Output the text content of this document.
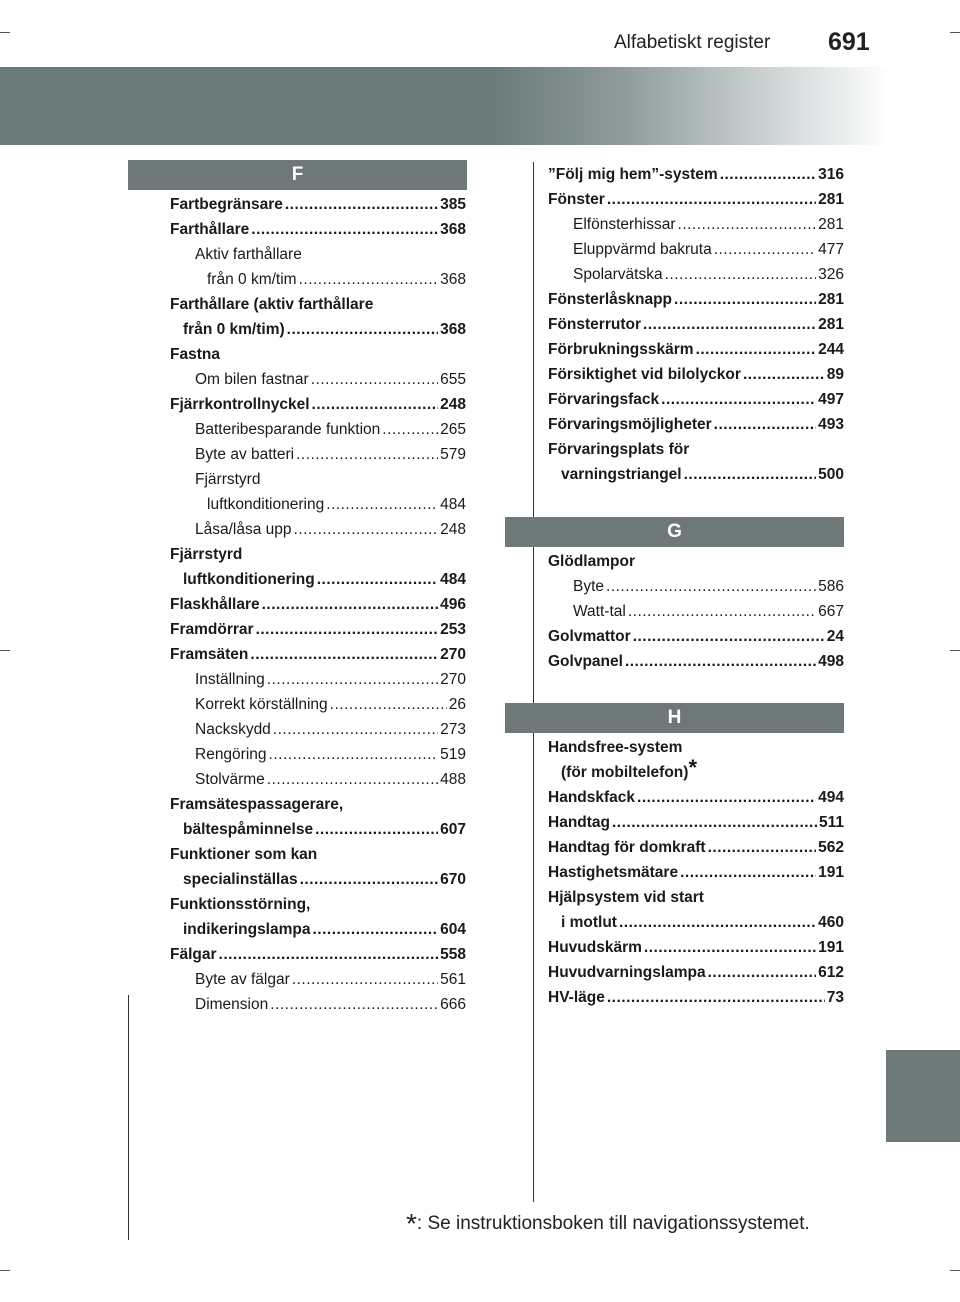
Alfabetiskt register 691
F
Fartbegränsare .....	385
Farthållare .....	368
Aktiv farthållare
från 0 km/tim .....	368
Farthållare (aktiv farthållare
från 0 km/tim) .....	368
Fastna
Om bilen fastnar .....	655
Fjärrkontrollnyckel .....	248
Batteribesparande funktion .....	265
Byte av batteri .....	579
Fjärrstyrd
luftkonditionering .....	484
Låsa/låsa upp .....	248
Fjärrstyrd
luftkonditionering .....	484
Flaskhållare .....	496
Framdörrar .....	253
Framsäten .....	270
Inställning .....	270
Korrekt körställning .....	26
Nackskydd .....	273
Rengöring .....	519
Stolvärme .....	488
Framsätespassagerare,
bältespåminnelse .....	607
Funktioner som kan
specialinställas .....	670
Funktionsstörning,
indikeringslampa .....	604
Fälgar .....	558
Byte av fälgar .....	561
Dimension .....	666
”Följ mig hem”-system .....	316
Fönster .....	281
Elfönsterhissar .....	281
Eluppvärmd bakruta .....	477
Spolarvätska .....	326
Fönsterlåsknapp .....	281
Fönsterrutor .....	281
Förbrukningsskärm .....	244
Försiktighet vid bilolyckor .....	89
Förvaringsfack .....	497
Förvaringsmöjligheter .....	493
Förvaringsplats för
varningstriangel .....	500
G
Glödlampor
Byte .....	586
Watt-tal .....	667
Golvmattor .....	24
Golvpanel .....	498
H
Handsfree-system
(för mobiltelefon)*
Handskfack .....	494
Handtag .....	511
Handtag för domkraft .....	562
Hastighetsmätare .....	191
Hjälpsystem vid start
i motlut .....	460
Huvudskärm .....	191
Huvudvarningslampa .....	612
HV-läge .....	73
*: Se instruktionsboken till navigationssystemet.
